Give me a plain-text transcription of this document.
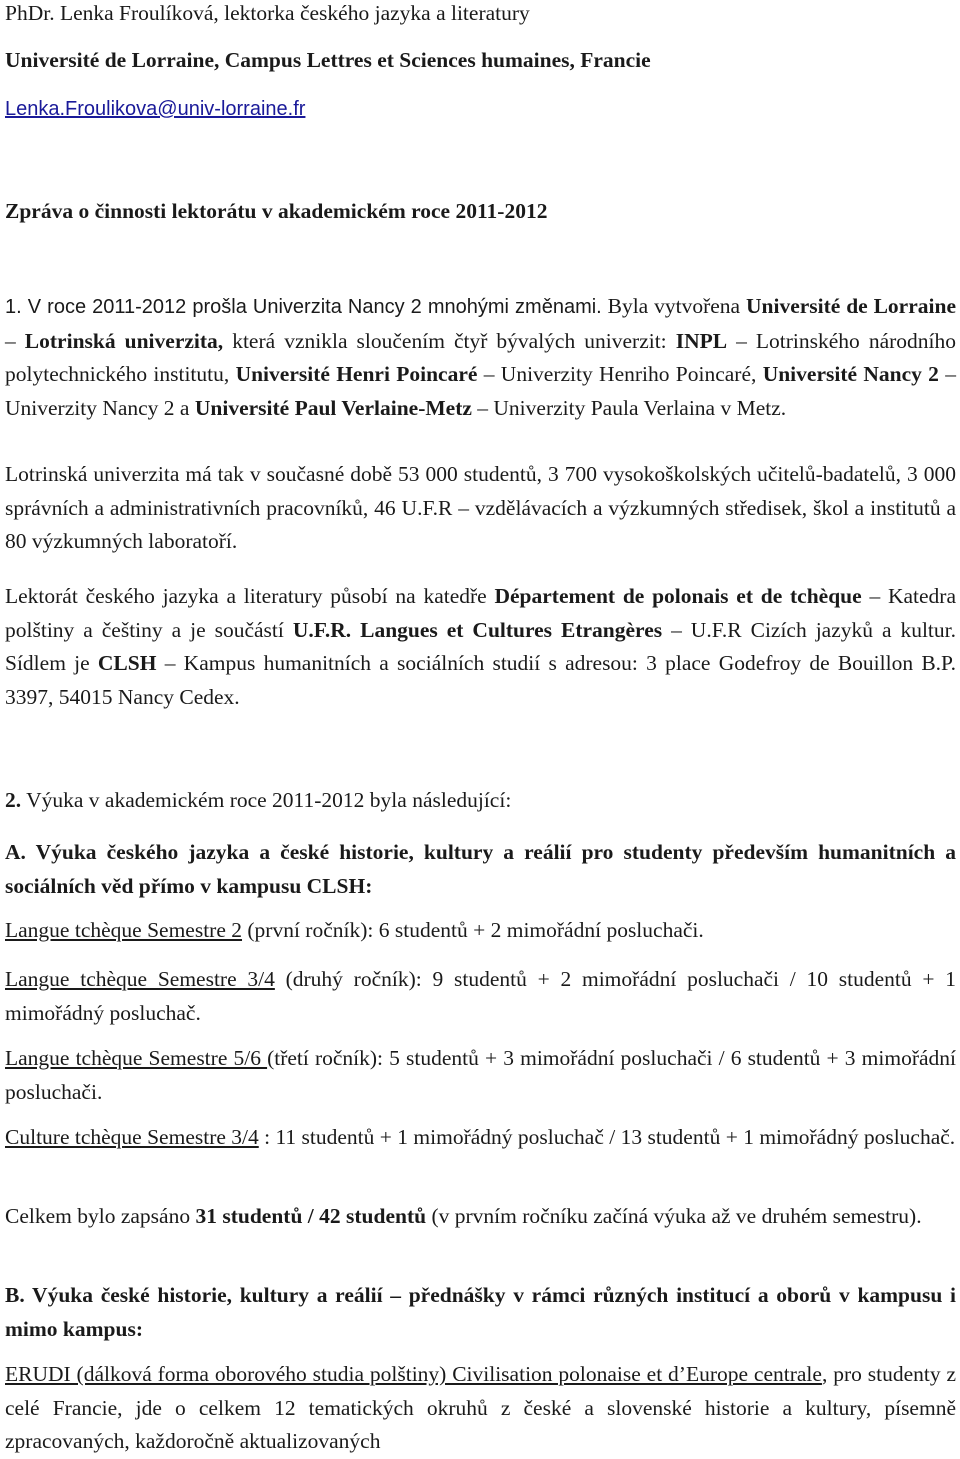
PhDr. Lenka Froulíková, lektorka českého jazyka a literatury

Université de Lorraine, Campus Lettres et Sciences humaines, Francie

Lenka.Froulikova@univ-lorraine.fr

Zpráva o činnosti lektorátu v akademickém roce 2011-2012

1. V roce 2011-2012 prošla Univerzita Nancy 2 mnohými změnami. Byla vytvořena Université de Lorraine – Lotrinská univerzita, která vznikla sloučením čtyř bývalých univerzit: INPL – Lotrinského národního polytechnického institutu, Université Henri Poincaré – Univerzity Henriho Poincaré, Université Nancy 2 – Univerzity Nancy 2 a Université Paul Verlaine-Metz – Univerzity Paula Verlaina v Metz.

Lotrinská univerzita má tak v současné době 53 000 studentů, 3 700 vysokoškolských učitelů-badatelů, 3 000 správních a administrativních pracovníků, 46 U.F.R – vzdělávacích a výzkumných středisek, škol a institutů a 80 výzkumných laboratoří.

Lektorát českého jazyka a literatury působí na katedře Département de polonais et de tchèque – Katedra polštiny a češtiny a je součástí U.F.R. Langues et Cultures Etrangères – U.F.R Cizích jazyků a kultur. Sídlem je CLSH – Kampus humanitních a sociálních studií s adresou: 3 place Godefroy de Bouillon B.P. 3397, 54015 Nancy Cedex.

2. Výuka v akademickém roce 2011-2012 byla následující:

A. Výuka českého jazyka a české historie, kultury a reálií pro studenty především humanitních a sociálních věd přímo v kampusu CLSH:

Langue tchèque Semestre 2 (první ročník): 6 studentů + 2 mimořádní posluchači.

Langue tchèque Semestre 3/4 (druhý ročník): 9 studentů + 2 mimořádní posluchači / 10 studentů + 1 mimořádný posluchač.

Langue tchèque Semestre 5/6 (třetí ročník): 5 studentů + 3 mimořádní posluchači / 6 studentů + 3 mimořádní posluchači.

Culture tchèque Semestre 3/4 : 11 studentů + 1 mimořádný posluchač / 13 studentů + 1 mimořádný posluchač.

Celkem bylo zapsáno 31 studentů / 42 studentů (v prvním ročníku začíná výuka až ve druhém semestru).

B. Výuka české historie, kultury a reálií – přednášky v rámci různých institucí a oborů v kampusu i mimo kampus:

ERUDI (dálková forma oborového studia polštiny) Civilisation polonaise et d’Europe centrale, pro studenty z celé Francie, jde o celkem 12 tematických okruhů z české a slovenské historie a kultury, písemně zpracovaných, každoročně aktualizovaných
